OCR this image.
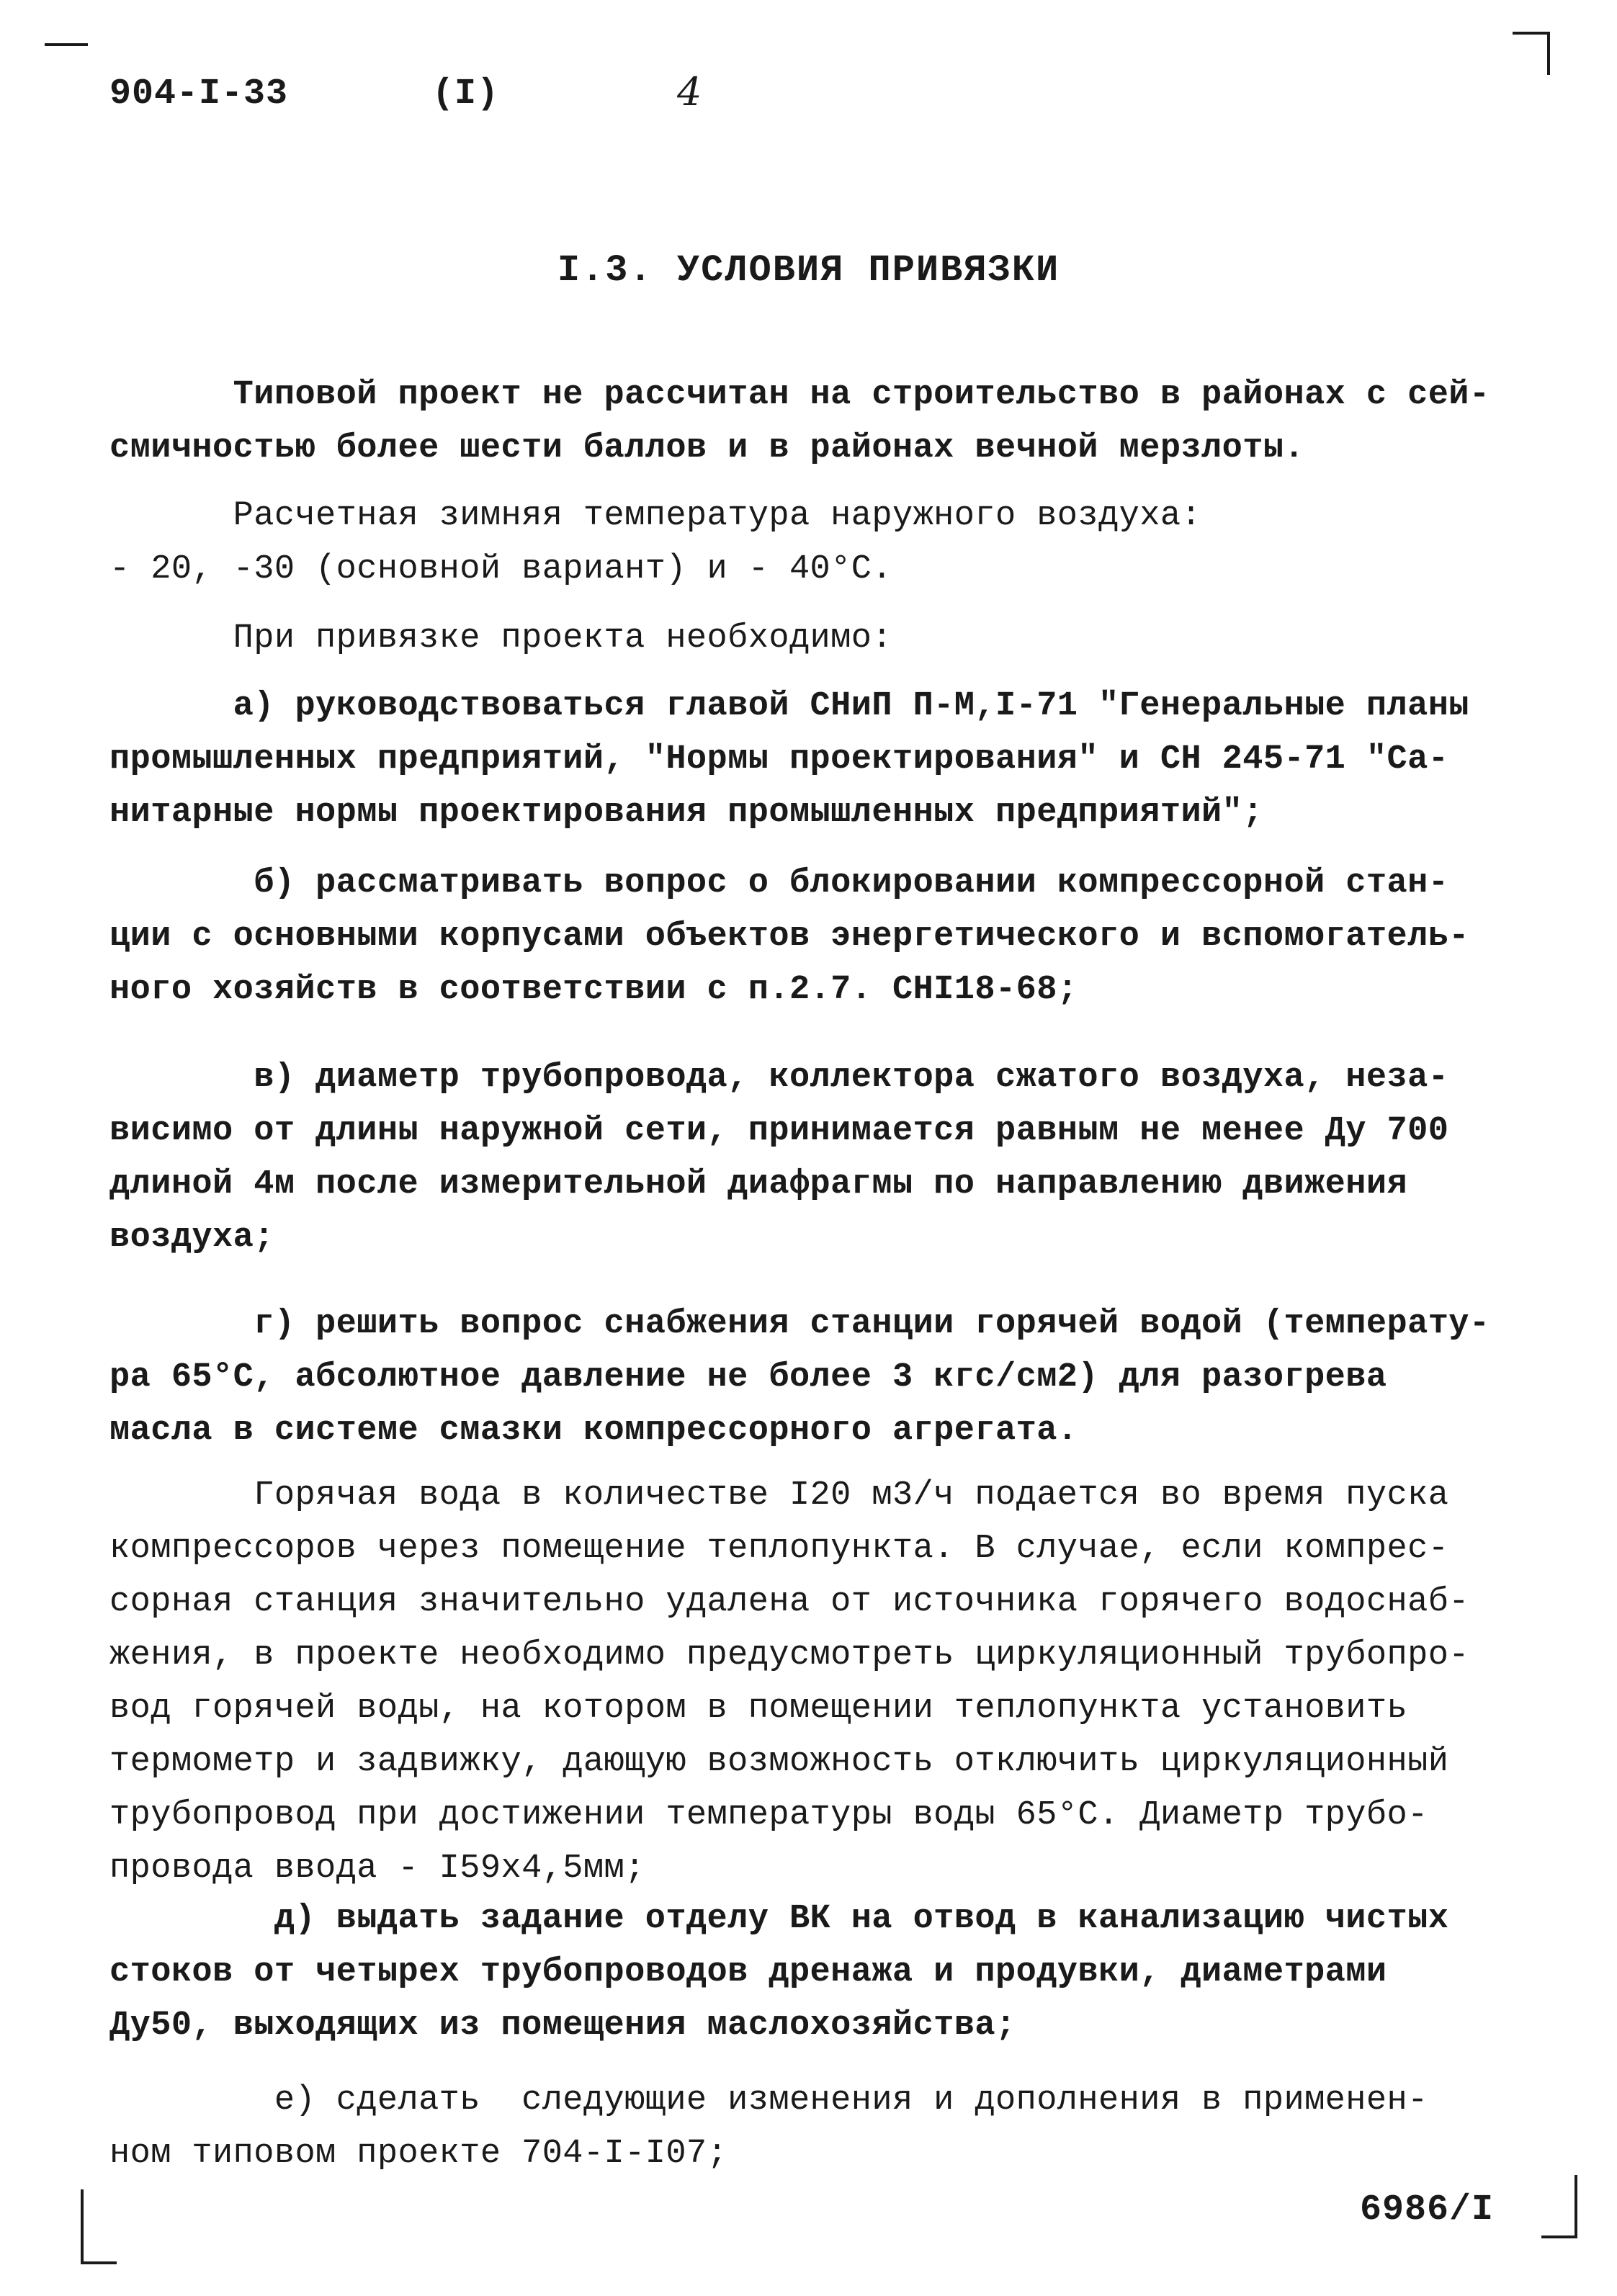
904-I-33	(I)	4
I.3. УСЛОВИЯ ПРИВЯЗКИ

Типовой проект не рассчитан на строительство в районах с сей-
смичностью более шести баллов и в районах вечной мерзлоты.

Расчетная зимняя температура наружного воздуха:
- 20, -30 (основной вариант) и - 40°С.

При привязке проекта необходимо:

а) руководствоваться главой СНиП П-М,I-71 "Генеральные планы
промышленных предприятий, "Нормы проектирования" и СН 245-71 "Са-
нитарные нормы проектирования промышленных предприятий";

б) рассматривать вопрос о блокировании компрессорной стан-
ции с основными корпусами объектов энергетического и вспомогатель-
ного хозяйств в соответствии с п.2.7. СНI18-68;

в) диаметр трубопровода, коллектора сжатого воздуха, неза-
висимо от длины наружной сети, принимается равным не менее Ду 700
длиной 4м после измерительной диафрагмы по направлению движения
воздуха;

г) решить вопрос снабжения станции горячей водой (температу-
ра 65°С, абсолютное давление не более 3 кгс/см2) для разогрева
масла в системе смазки компрессорного агрегата.

Горячая вода в количестве I20 м3/ч подается во время пуска
компрессоров через помещение теплопункта. В случае, если компрес-
сорная станция значительно удалена от источника горячего водоснаб-
жения, в проекте необходимо предусмотреть циркуляционный трубопро-
вод горячей воды, на котором в помещении теплопункта установить
термометр и задвижку, дающую возможность отключить циркуляционный
трубопровод при достижении температуры воды 65°С. Диаметр трубо-
провода ввода - I59х4,5мм;

д) выдать задание отделу ВК на отвод в канализацию чистых
стоков от четырех трубопроводов дренажа и продувки, диаметрами
Ду50, выходящих из помещения маслохозяйства;

е) сделать  следующие изменения и дополнения в применен-
ном типовом проекте 704-I-I07;

6986/I
